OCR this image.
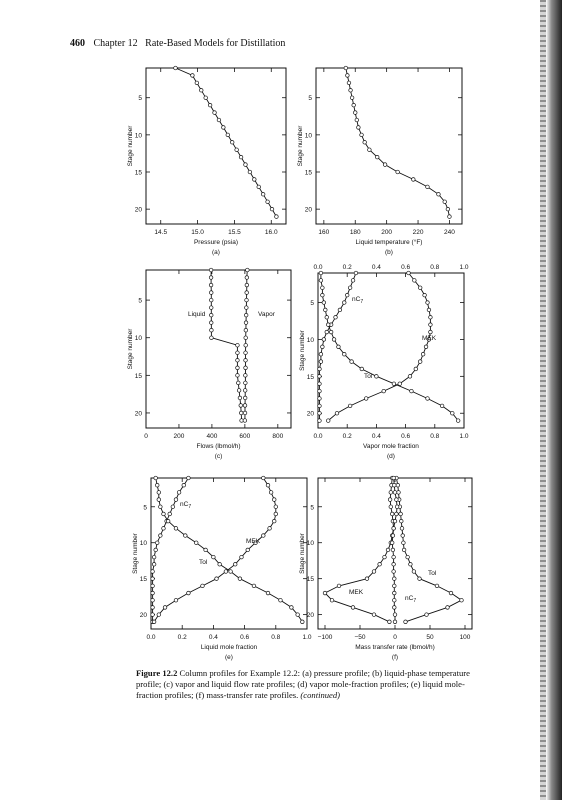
460 Chapter 12 Rate-Based Models for Distillation
14.5	15.0	15.5	16.0
5
10
15
20
Pressure (psia)
Stage number
(a)
160	180	200	220	240
5
10
15
20
Liquid temperature (°F)
Stage number
(b)
0	200	400	600	800
5
10
15
20
Flows (lbmol/h)
Stage number
(c)
Liquid	Vapor
0.0
0.0
0.2
0.2
0.4
0.4
0.6
0.6
0.8
0.8
1.0
1.0
5
10
15
20
Vapor mole fraction
Stage number
(d)
$nC_7$
MEK
Tol
0.0	0.2	0.4	0.6	0.8	1.0
5
10
15
20
Liquid mole fraction
Stage number
(e)
$nC_7$
MEK
Tol
−100	−50	0	50	100
5
10
15
20
Mass transfer rate (lbmol/h)
Stage number
(f)
Tol
MEK
$nC_7$
Figure 12.2 Column profiles for Example 12.2: (a) pressure profile; (b) liquid-phase temperature profile; (c) vapor and liquid flow rate profiles; (d) vapor mole-fraction profiles; (e) liquid mole-fraction profiles; (f) mass-transfer rate profiles. (continued)
